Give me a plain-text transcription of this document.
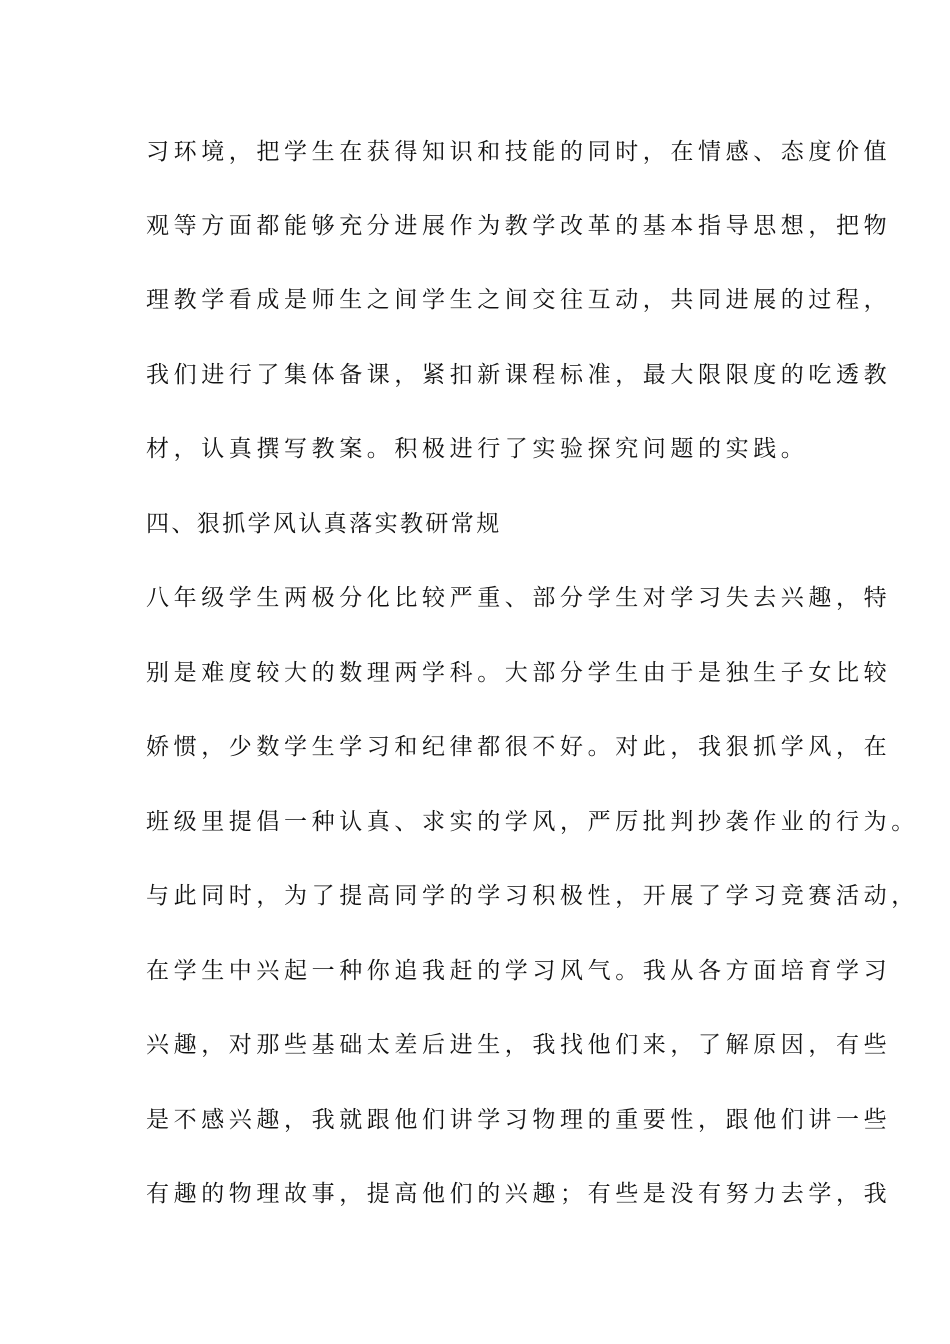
习环境，把学生在获得知识和技能的同时，在情感、态度价值
观等方面都能够充分进展作为教学改革的基本指导思想，把物
理教学看成是师生之间学生之间交往互动，共同进展的过程，
我们进行了集体备课，紧扣新课程标准，最大限限度的吃透教
材，认真撰写教案。积极进行了实验探究问题的实践。
四、狠抓学风认真落实教研常规
八年级学生两极分化比较严重、部分学生对学习失去兴趣，特
别是难度较大的数理两学科。大部分学生由于是独生子女比较
娇惯，少数学生学习和纪律都很不好。对此，我狠抓学风，在
班级里提倡一种认真、求实的学风，严厉批判抄袭作业的行为。
与此同时，为了提高同学的学习积极性，开展了学习竞赛活动，
在学生中兴起一种你追我赶的学习风气。我从各方面培育学习
兴趣，对那些基础太差后进生，我找他们来，了解原因，有些
是不感兴趣，我就跟他们讲学习物理的重要性，跟他们讲一些
有趣的物理故事，提高他们的兴趣；有些是没有努力去学，我
